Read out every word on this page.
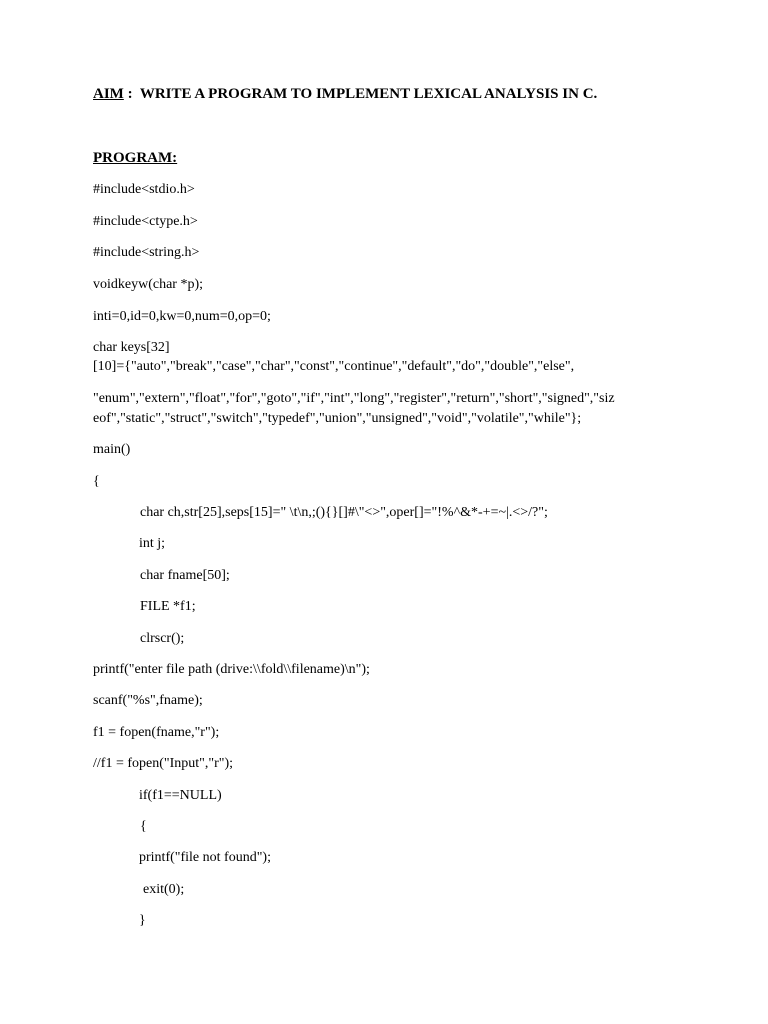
AIM :  WRITE A PROGRAM TO IMPLEMENT LEXICAL ANALYSIS IN C.
PROGRAM:
#include<stdio.h>
#include<ctype.h>
#include<string.h>
voidkeyw(char *p);
inti=0,id=0,kw=0,num=0,op=0;
char keys[32]
[10]={"auto","break","case","char","const","continue","default","do","double","else",
"enum","extern","float","for","goto","if","int","long","register","return","short","signed","siz
eof","static","struct","switch","typedef","union","unsigned","void","volatile","while"};
main()
{
char ch,str[25],seps[15]=" \t\n,;(){}[]#\"<>",oper[]="!%^&*-+=~|.<>/?";
int j;
char fname[50];
FILE *f1;
clrscr();
printf("enter file path (drive:\\fold\\filename)\n");
scanf("%s",fname);
f1 = fopen(fname,"r");
//f1 = fopen("Input","r");
if(f1==NULL)
{
printf("file not found");
exit(0);
}
